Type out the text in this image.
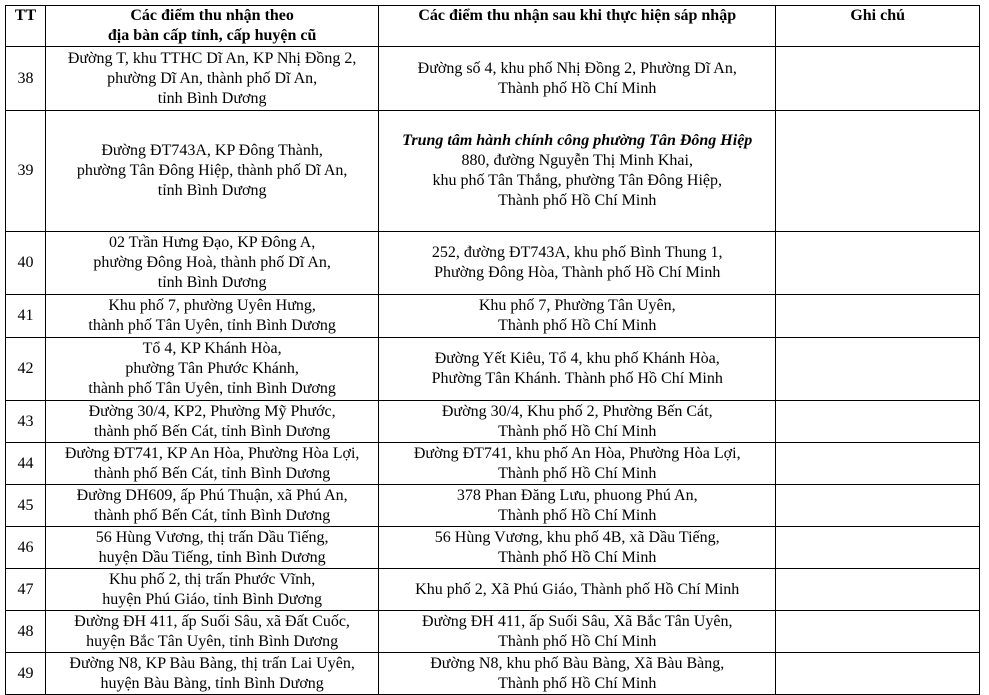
TT	Các điểm thu nhận theo
địa bàn cấp tỉnh, cấp huyện cũ	Các điểm thu nhận sau khi thực hiện sáp nhập	Ghi chú
38	Đường T, khu TTHC Dĩ An, KP Nhị Đồng 2,
phường Dĩ An, thành phố Dĩ An,
tỉnh Bình Dương	Đường số 4, khu phố Nhị Đồng 2, Phường Dĩ An,
Thành phố Hồ Chí Minh	

39	Đường ĐT743A, KP Đông Thành,
phường Tân Đông Hiệp, thành phố Dĩ An,
tỉnh Bình Dương	Trung tâm hành chính công phường Tân Đông Hiệp
880, đường Nguyễn Thị Minh Khai,
khu phố Tân Thắng, phường Tân Đông Hiệp,
Thành phố Hồ Chí Minh	

40	02 Trần Hưng Đạo, KP Đông A,
phường Đông Hoà, thành phố Dĩ An,
tỉnh Bình Dương	252, đường ĐT743A, khu phố Bình Thung 1,
Phường Đông Hòa, Thành phố Hồ Chí Minh	

41	Khu phố 7, phường Uyên Hưng,
thành phố Tân Uyên, tỉnh Bình Dương	Khu phố 7, Phường Tân Uyên,
Thành phố Hồ Chí Minh	

42	Tổ 4, KP Khánh Hòa,
phường Tân Phước Khánh,
thành phố Tân Uyên, tỉnh Bình Dương	Đường Yết Kiêu, Tổ 4, khu phố Khánh Hòa,
Phường Tân Khánh. Thành phố Hồ Chí Minh	

43	Đường 30/4, KP2, Phường Mỹ Phước,
thành phố Bến Cát, tỉnh Bình Dương	Đường 30/4, Khu phố 2, Phường Bến Cát,
Thành phố Hồ Chí Minh	

44	Đường ĐT741, KP An Hòa, Phường Hòa Lợi,
thành phố Bến Cát, tỉnh Bình Dương	Đường ĐT741, khu phố An Hòa, Phường Hòa Lợi,
Thành phố Hồ Chí Minh	

45	Đường DH609, ấp Phú Thuận, xã Phú An,
thành phố Bến Cát, tỉnh Bình Dương	378 Phan Đăng Lưu, phuong Phú An,
Thành phố Hồ Chí Minh	

46	56 Hùng Vương, thị trấn Dầu Tiếng,
huyện Dầu Tiếng, tỉnh Bình Dương	56 Hùng Vương, khu phố 4B, xã Dầu Tiếng,
Thành phố Hồ Chí Minh	

47	Khu phố 2, thị trấn Phước Vĩnh,
huyện Phú Giáo, tỉnh Bình Dương	Khu phố 2, Xã Phú Giáo, Thành phố Hồ Chí Minh	

48	Đường ĐH 411, ấp Suối Sâu, xã Đất Cuốc,
huyện Bắc Tân Uyên, tỉnh Bình Dương	Đường ĐH 411, ấp Suối Sâu, Xã Bắc Tân Uyên,
Thành phố Hồ Chí Minh	

49	Đường N8, KP Bàu Bàng, thị trấn Lai Uyên,
huyện Bàu Bàng, tỉnh Bình Dương	Đường N8, khu phố Bàu Bàng, Xã Bàu Bàng,
Thành phố Hồ Chí Minh	
